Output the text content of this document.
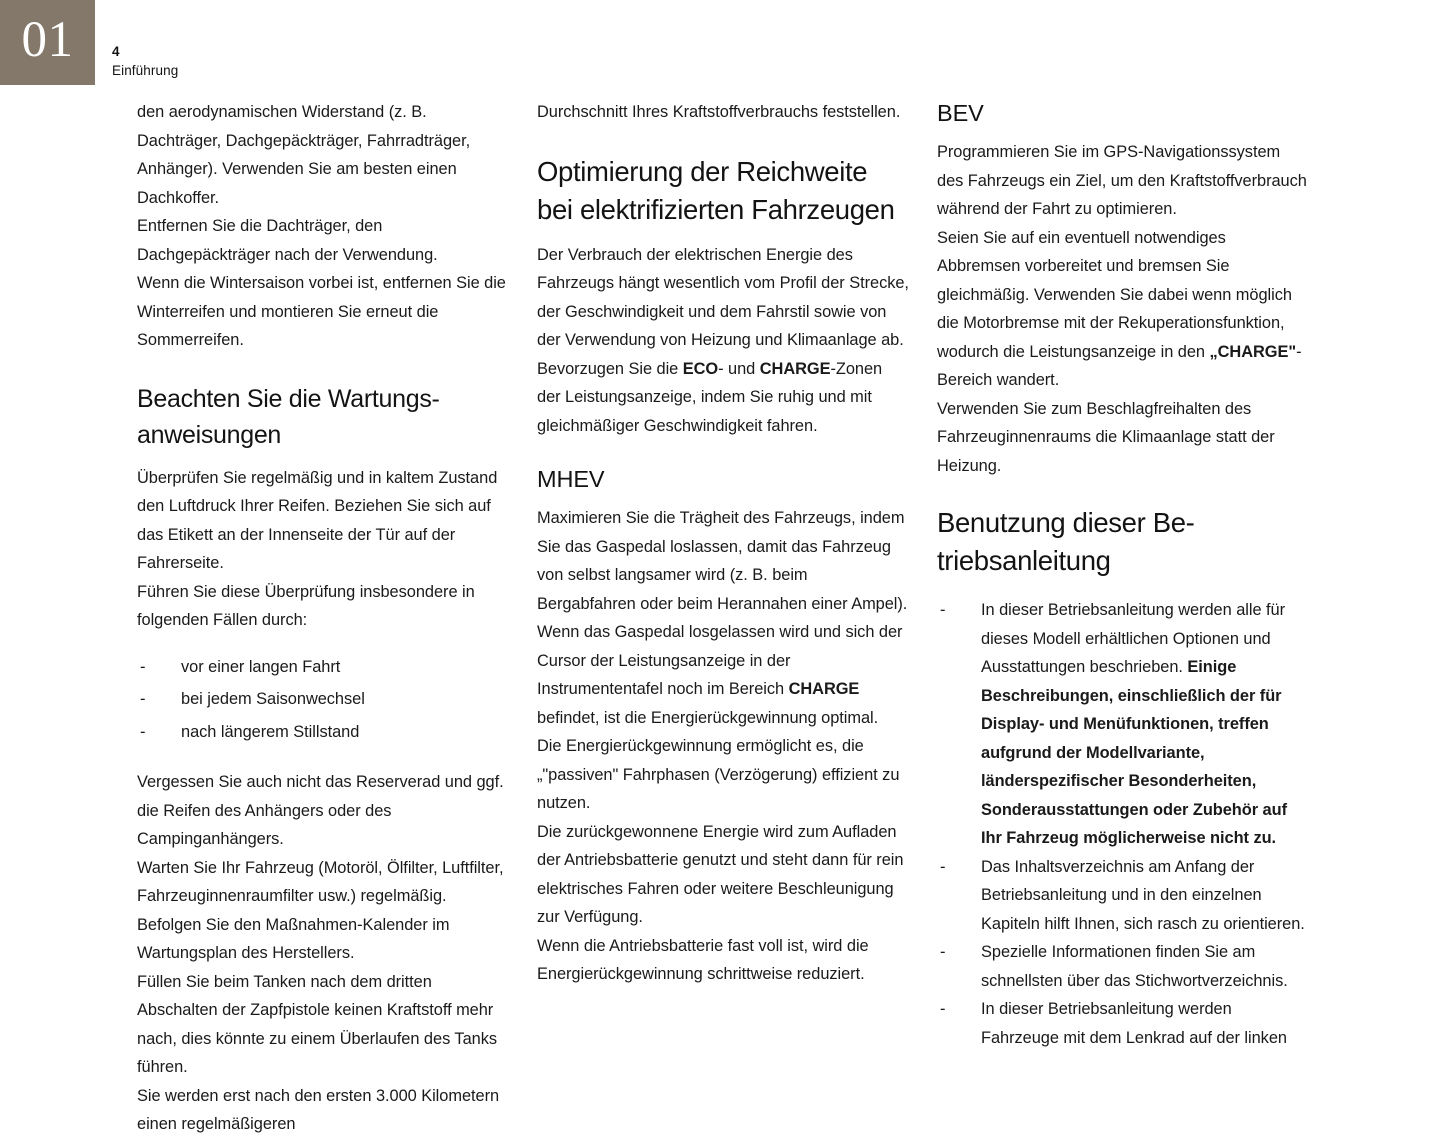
01	4
Einführung

den aerodynamischen Widerstand (z. B. Dachträger, Dachgepäckträger, Fahrradträger, Anhänger). Verwenden Sie am besten einen Dachkoffer.

Entfernen Sie die Dachträger, den Dachgepäckträger nach der Verwendung.

Wenn die Wintersaison vorbei ist, entfernen Sie die Winterreifen und montieren Sie erneut die Sommerreifen.

Beachten Sie die Wartungs-anweisungen

Überprüfen Sie regelmäßig und in kaltem Zustand den Luftdruck Ihrer Reifen. Beziehen Sie sich auf das Etikett an der Innenseite der Tür auf der Fahrerseite.

Führen Sie diese Überprüfung insbesondere in folgenden Fällen durch:

-	vor einer langen Fahrt
-	bei jedem Saisonwechsel
-	nach längerem Stillstand

Vergessen Sie auch nicht das Reserverad und ggf. die Reifen des Anhängers oder des Campinganhängers.

Warten Sie Ihr Fahrzeug (Motoröl, Ölfilter, Luftfilter, Fahrzeuginnenraumfilter usw.) regelmäßig. Befolgen Sie den Maßnahmen-Kalender im Wartungsplan des Herstellers.

Füllen Sie beim Tanken nach dem dritten Abschalten der Zapfpistole keinen Kraftstoff mehr nach, dies könnte zu einem Überlaufen des Tanks führen.

Sie werden erst nach den ersten 3.000 Kilometern einen regelmäßigeren

Durchschnitt Ihres Kraftstoffverbrauchs feststellen.

Optimierung der Reichweite bei elektrifizierten Fahrzeugen

Der Verbrauch der elektrischen Energie des Fahrzeugs hängt wesentlich vom Profil der Strecke, der Geschwindigkeit und dem Fahrstil sowie von der Verwendung von Heizung und Klimaanlage ab.

Bevorzugen Sie die ECO- und CHARGE-Zonen der Leistungsanzeige, indem Sie ruhig und mit gleichmäßiger Geschwindigkeit fahren.

MHEV

Maximieren Sie die Trägheit des Fahrzeugs, indem Sie das Gaspedal loslassen, damit das Fahrzeug von selbst langsamer wird (z. B. beim Bergabfahren oder beim Herannahen einer Ampel).

Wenn das Gaspedal losgelassen wird und sich der Cursor der Leistungsanzeige in der Instrumententafel noch im Bereich CHARGE befindet, ist die Energierückgewinnung optimal.

Die Energierückgewinnung ermöglicht es, die „"passiven" Fahrphasen (Verzögerung) effizient zu nutzen.

Die zurückgewonnene Energie wird zum Aufladen der Antriebsbatterie genutzt und steht dann für rein elektrisches Fahren oder weitere Beschleunigung zur Verfügung.

Wenn die Antriebsbatterie fast voll ist, wird die Energierückgewinnung schrittweise reduziert.

BEV

Programmieren Sie im GPS-Navigationssystem des Fahrzeugs ein Ziel, um den Kraftstoffverbrauch während der Fahrt zu optimieren.

Seien Sie auf ein eventuell notwendiges Abbremsen vorbereitet und bremsen Sie gleichmäßig. Verwenden Sie dabei wenn möglich die Motorbremse mit der Rekuperationsfunktion, wodurch die Leistungsanzeige in den „CHARGE"-Bereich wandert.

Verwenden Sie zum Beschlagfreihalten des Fahrzeuginnenraums die Klimaanlage statt der Heizung.

Benutzung dieser Be-triebsanleitung
-	In dieser Betriebsanleitung werden alle für dieses Modell erhältlichen Optionen und Ausstattungen beschrieben. Einige Beschreibungen, einschließlich der für Display- und Menüfunktionen, treffen aufgrund der Modellvariante, länderspezifischer Besonderheiten, Sonderausstattungen oder Zubehör auf Ihr Fahrzeug möglicherweise nicht zu.
-	Das Inhaltsverzeichnis am Anfang der Betriebsanleitung und in den einzelnen Kapiteln hilft Ihnen, sich rasch zu orientieren.
-	Spezielle Informationen finden Sie am schnellsten über das Stichwortverzeichnis.
-	In dieser Betriebsanleitung werden Fahrzeuge mit dem Lenkrad auf der linken
